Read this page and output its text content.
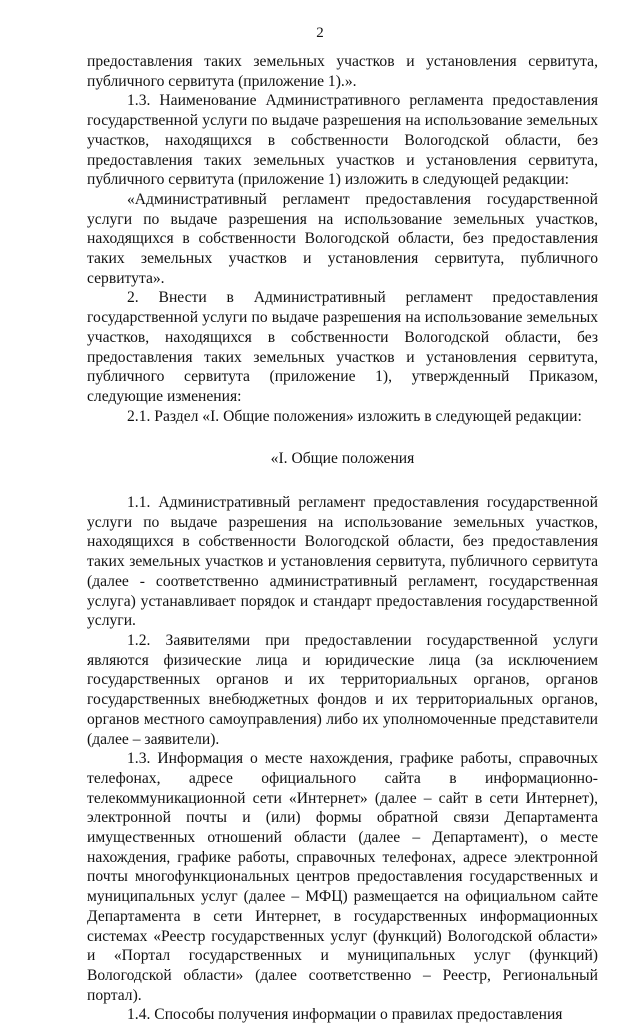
2

предоставления таких земельных участков и установления сервитута, публичного сервитута (приложение 1).».

1.3. Наименование Административного регламента предоставления государственной услуги по выдаче разрешения на использование земельных участков, находящихся в собственности Вологодской области, без предоставления таких земельных участков и установления сервитута, публичного сервитута (приложение 1) изложить в следующей редакции:

«Административный регламент предоставления государственной услуги по выдаче разрешения на использование земельных участков, находящихся в собственности Вологодской области, без предоставления таких земельных участков и установления сервитута, публичного сервитута».

2. Внести в Административный регламент предоставления государственной услуги по выдаче разрешения на использование земельных участков, находящихся в собственности Вологодской области, без предоставления таких земельных участков и установления сервитута, публичного сервитута (приложение 1), утвержденный Приказом, следующие изменения:

2.1. Раздел «I. Общие положения» изложить в следующей редакции:

«I. Общие положения

1.1. Административный регламент предоставления государственной услуги по выдаче разрешения на использование земельных участков, находящихся в собственности Вологодской области, без предоставления таких земельных участков и установления сервитута, публичного сервитута (далее - соответственно административный регламент, государственная услуга) устанавливает порядок и стандарт предоставления государственной услуги.

1.2. Заявителями при предоставлении государственной услуги являются физические лица и юридические лица (за исключением государственных органов и их территориальных органов, органов государственных внебюджетных фондов и их территориальных органов, органов местного самоуправления) либо их уполномоченные представители (далее – заявители).

1.3. Информация о месте нахождения, графике работы, справочных телефонах, адресе официального сайта в информационно-телекоммуникационной сети «Интернет» (далее – сайт в сети Интернет), электронной почты и (или) формы обратной связи Департамента имущественных отношений области (далее – Департамент), о месте нахождения, графике работы, справочных телефонах, адресе электронной почты многофункциональных центров предоставления государственных и муниципальных услуг (далее – МФЦ) размещается на официальном сайте Департамента в сети Интернет, в государственных информационных системах «Реестр государственных услуг (функций) Вологодской области» и «Портал государственных и муниципальных услуг (функций) Вологодской области» (далее соответственно – Реестр, Региональный портал).

1.4. Способы получения информации о правилах предоставления
